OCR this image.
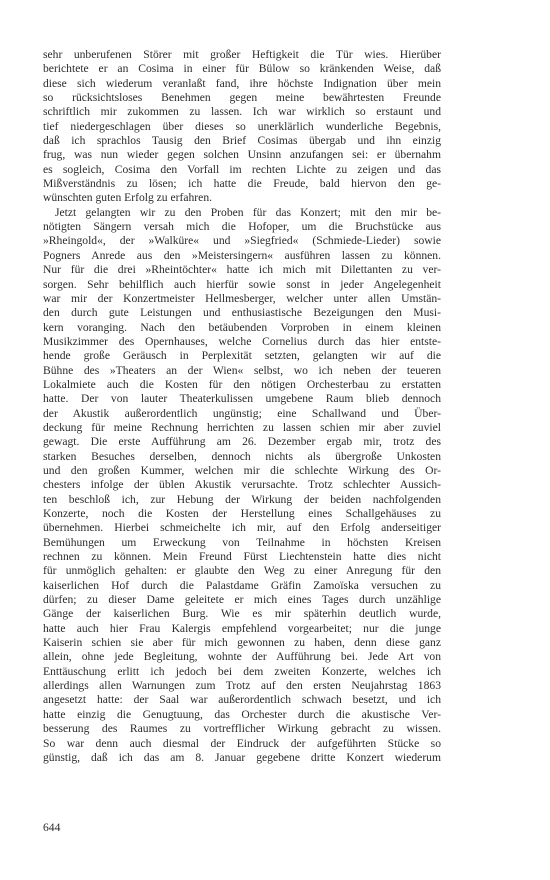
sehr unberufenen Störer mit großer Heftigkeit die Tür wies. Hierüber
berichtete er an Cosima in einer für Bülow so kränkenden Weise, daß
diese sich wiederum veranlaßt fand, ihre höchste Indignation über mein
so rücksichtsloses Benehmen gegen meine bewährtesten Freunde
schriftlich mir zukommen zu lassen. Ich war wirklich so erstaunt und
tief niedergeschlagen über dieses so unerklärlich wunderliche Begebnis,
daß ich sprachlos Tausig den Brief Cosimas übergab und ihn einzig
frug, was nun wieder gegen solchen Unsinn anzufangen sei: er übernahm
es sogleich, Cosima den Vorfall im rechten Lichte zu zeigen und das
Mißverständnis zu lösen; ich hatte die Freude, bald hiervon den ge-
wünschten guten Erfolg zu erfahren.
Jetzt gelangten wir zu den Proben für das Konzert; mit den mir be-
nötigten Sängern versah mich die Hofoper, um die Bruchstücke aus
»Rheingold«, der »Walküre« und »Siegfried« (Schmiede-Lieder) sowie
Pogners Anrede aus den »Meistersingern« ausführen lassen zu können.
Nur für die drei »Rheintöchter« hatte ich mich mit Dilettanten zu ver-
sorgen. Sehr behilflich auch hierfür sowie sonst in jeder Angelegenheit
war mir der Konzertmeister Hellmesberger, welcher unter allen Umstän-
den durch gute Leistungen und enthusiastische Bezeigungen den Musi-
kern voranging. Nach den betäubenden Vorproben in einem kleinen
Musikzimmer des Opernhauses, welche Cornelius durch das hier entste-
hende große Geräusch in Perplexität setzten, gelangten wir auf die
Bühne des »Theaters an der Wien« selbst, wo ich neben der teueren
Lokalmiete auch die Kosten für den nötigen Orchesterbau zu erstatten
hatte. Der von lauter Theaterkulissen umgebene Raum blieb dennoch
der Akustik außerordentlich ungünstig; eine Schallwand und Über-
deckung für meine Rechnung herrichten zu lassen schien mir aber zuviel
gewagt. Die erste Aufführung am 26. Dezember ergab mir, trotz des
starken Besuches derselben, dennoch nichts als übergroße Unkosten
und den großen Kummer, welchen mir die schlechte Wirkung des Or-
chesters infolge der üblen Akustik verursachte. Trotz schlechter Aussich-
ten beschloß ich, zur Hebung der Wirkung der beiden nachfolgenden
Konzerte, noch die Kosten der Herstellung eines Schallgehäuses zu
übernehmen. Hierbei schmeichelte ich mir, auf den Erfolg anderseitiger
Bemühungen um Erweckung von Teilnahme in höchsten Kreisen
rechnen zu können. Mein Freund Fürst Liechtenstein hatte dies nicht
für unmöglich gehalten: er glaubte den Weg zu einer Anregung für den
kaiserlichen Hof durch die Palastdame Gräfin Zamoïska versuchen zu
dürfen; zu dieser Dame geleitete er mich eines Tages durch unzählige
Gänge der kaiserlichen Burg. Wie es mir späterhin deutlich wurde,
hatte auch hier Frau Kalergis empfehlend vorgearbeitet; nur die junge
Kaiserin schien sie aber für mich gewonnen zu haben, denn diese ganz
allein, ohne jede Begleitung, wohnte der Aufführung bei. Jede Art von
Enttäuschung erlitt ich jedoch bei dem zweiten Konzerte, welches ich
allerdings allen Warnungen zum Trotz auf den ersten Neujahrstag 1863
angesetzt hatte: der Saal war außerordentlich schwach besetzt, und ich
hatte einzig die Genugtuung, das Orchester durch die akustische Ver-
besserung des Raumes zu vortrefflicher Wirkung gebracht zu wissen.
So war denn auch diesmal der Eindruck der aufgeführten Stücke so
günstig, daß ich das am 8. Januar gegebene dritte Konzert wiederum
644
